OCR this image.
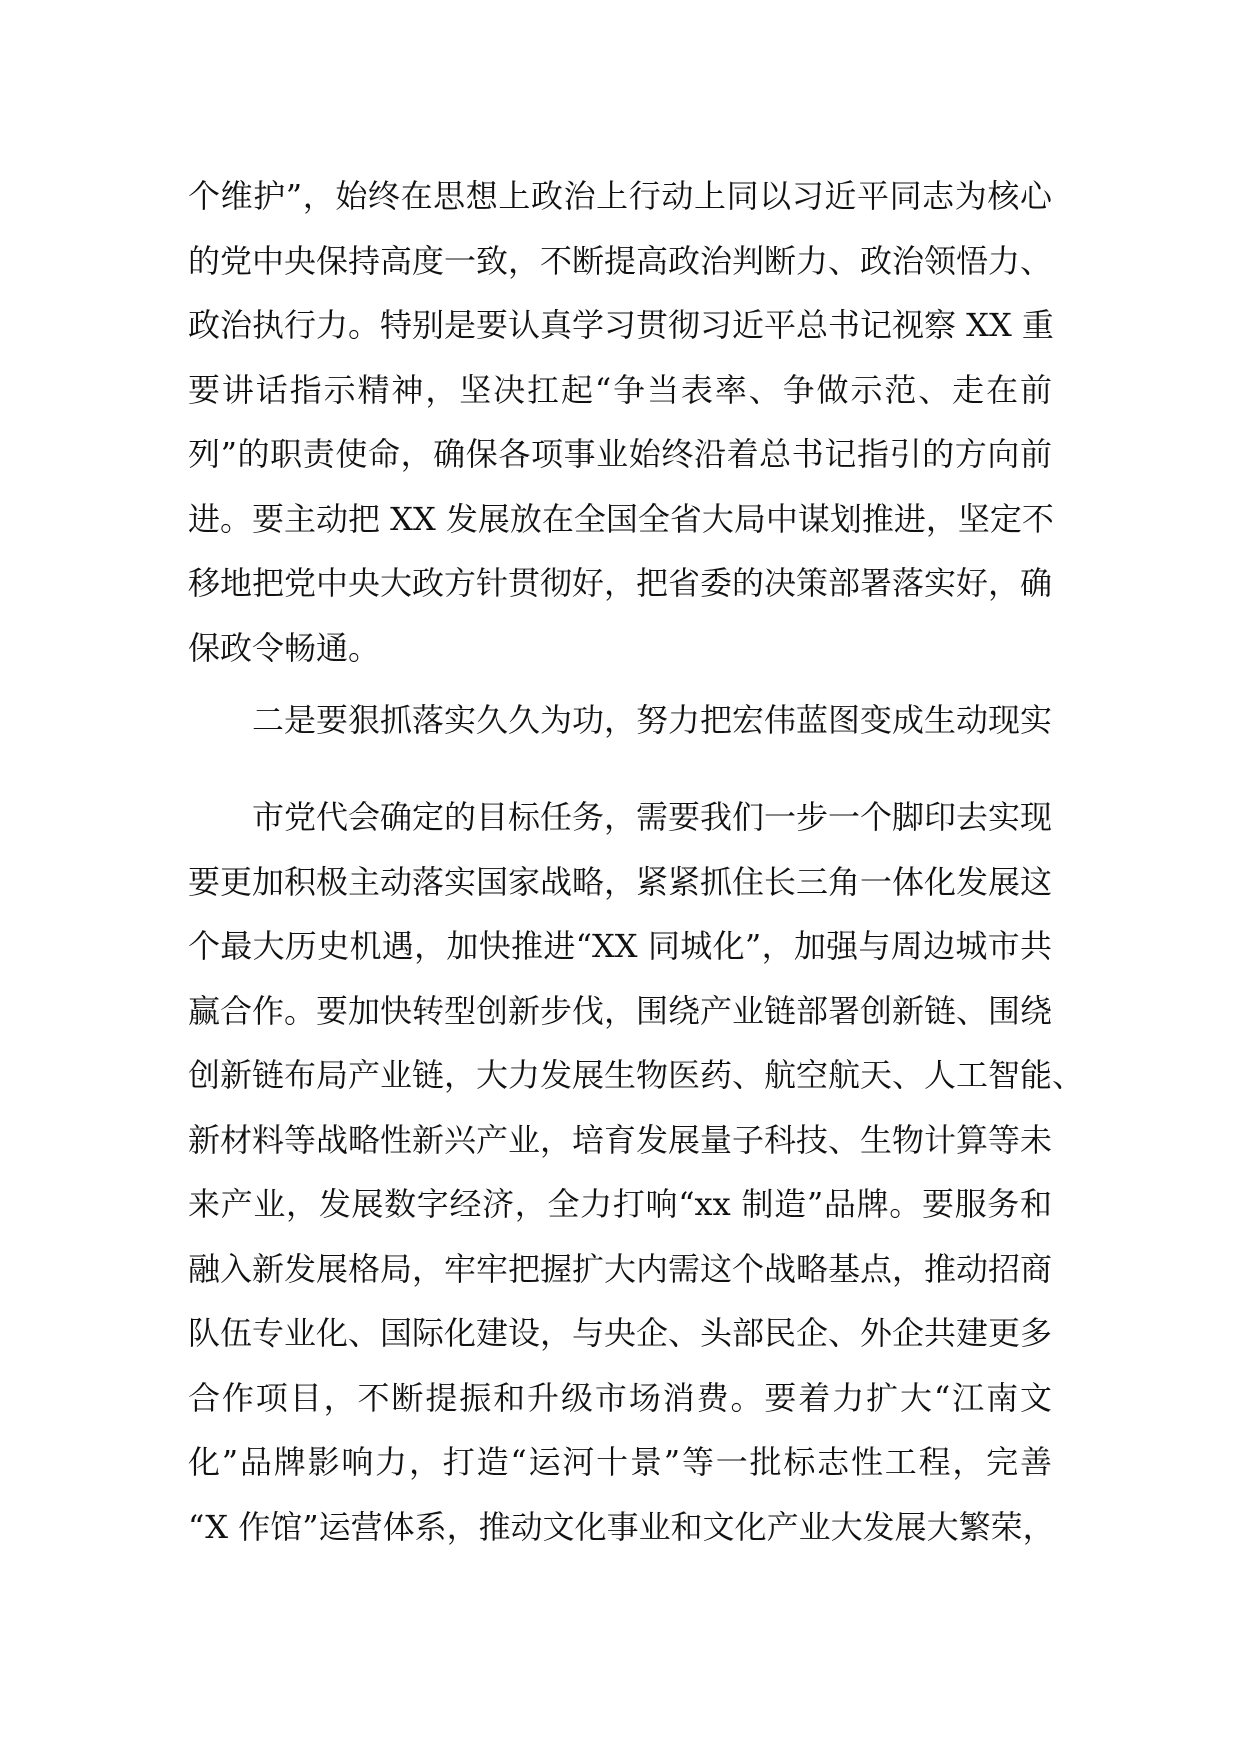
个维护”，始终在思想上政治上行动上同以习近平同志为核心
的党中央保持高度一致，不断提高政治判断力、政治领悟力、
政治执行力。特别是要认真学习贯彻习近平总书记视察 XX 重
要讲话指示精神，坚决扛起“争当表率、争做示范、走在前
列”的职责使命，确保各项事业始终沿着总书记指引的方向前
进。要主动把 XX 发展放在全国全省大局中谋划推进，坚定不
移地把党中央大政方针贯彻好，把省委的决策部署落实好，确
保政令畅通。
二是要狠抓落实久久为功，努力把宏伟蓝图变成生动现实
市党代会确定的目标任务，需要我们一步一个脚印去实现
要更加积极主动落实国家战略，紧紧抓住长三角一体化发展这
个最大历史机遇，加快推进“XX 同城化”，加强与周边城市共
赢合作。要加快转型创新步伐，围绕产业链部署创新链、围绕
创新链布局产业链，大力发展生物医药、航空航天、人工智能、
新材料等战略性新兴产业，培育发展量子科技、生物计算等未
来产业，发展数字经济，全力打响“xx 制造”品牌。要服务和
融入新发展格局，牢牢把握扩大内需这个战略基点，推动招商
队伍专业化、国际化建设，与央企、头部民企、外企共建更多
合作项目，不断提振和升级市场消费。要着力扩大“江南文
化”品牌影响力，打造“运河十景”等一批标志性工程，完善
“X 作馆”运营体系，推动文化事业和文化产业大发展大繁荣，
